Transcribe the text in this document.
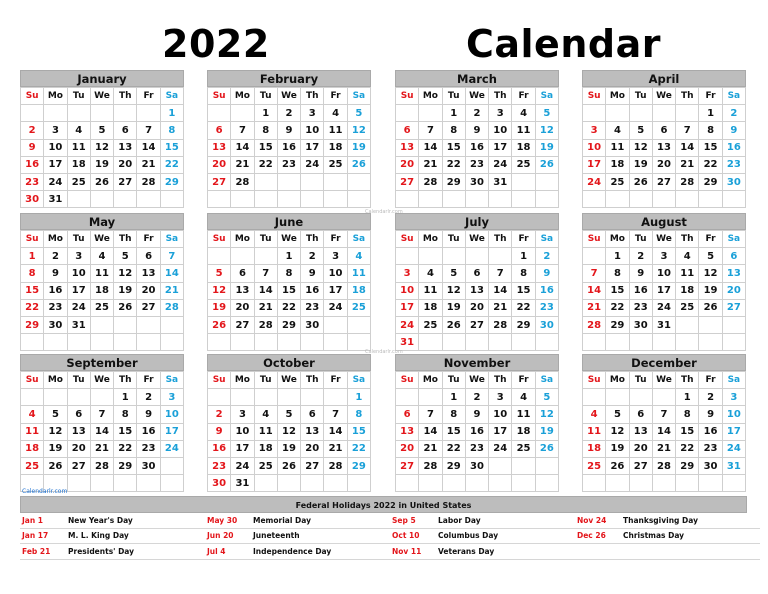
2022	Calendar
January
Su	Mo	Tu	We	Th	Fr	Sa
						1
2	3	4	5	6	7	8
9	10	11	12	13	14	15
16	17	18	19	20	21	22
23	24	25	26	27	28	29
30	31					
February
Su	Mo	Tu	We	Th	Fr	Sa
		1	2	3	4	5
6	7	8	9	10	11	12
13	14	15	16	17	18	19
20	21	22	23	24	25	26
27	28					

March
Su	Mo	Tu	We	Th	Fr	Sa
		1	2	3	4	5
6	7	8	9	10	11	12
13	14	15	16	17	18	19
20	21	22	23	24	25	26
27	28	29	30	31		

April
Su	Mo	Tu	We	Th	Fr	Sa
					1	2
3	4	5	6	7	8	9
10	11	12	13	14	15	16
17	18	19	20	21	22	23
24	25	26	27	28	29	30

May
Su	Mo	Tu	We	Th	Fr	Sa
1	2	3	4	5	6	7
8	9	10	11	12	13	14
15	16	17	18	19	20	21
22	23	24	25	26	27	28
29	30	31				

June
Su	Mo	Tu	We	Th	Fr	Sa
			1	2	3	4
5	6	7	8	9	10	11
12	13	14	15	16	17	18
19	20	21	22	23	24	25
26	27	28	29	30		

July
Su	Mo	Tu	We	Th	Fr	Sa
					1	2
3	4	5	6	7	8	9
10	11	12	13	14	15	16
17	18	19	20	21	22	23
24	25	26	27	28	29	30
31						
August
Su	Mo	Tu	We	Th	Fr	Sa
	1	2	3	4	5	6
7	8	9	10	11	12	13
14	15	16	17	18	19	20
21	22	23	24	25	26	27
28	29	30	31			

September
Su	Mo	Tu	We	Th	Fr	Sa
				1	2	3
4	5	6	7	8	9	10
11	12	13	14	15	16	17
18	19	20	21	22	23	24
25	26	27	28	29	30	

October
Su	Mo	Tu	We	Th	Fr	Sa
						1
2	3	4	5	6	7	8
9	10	11	12	13	14	15
16	17	18	19	20	21	22
23	24	25	26	27	28	29
30	31					
November
Su	Mo	Tu	We	Th	Fr	Sa
		1	2	3	4	5
6	7	8	9	10	11	12
13	14	15	16	17	18	19
20	21	22	23	24	25	26
27	28	29	30			

December
Su	Mo	Tu	We	Th	Fr	Sa
				1	2	3
4	5	6	7	8	9	10
11	12	13	14	15	16	17
18	19	20	21	22	23	24
25	26	27	28	29	30	31

Calendarlr.com
Calendarlr.com
Calendarlr.com
Federal Holidays 2022 in United States
Jan 1	New Year's Day	May 30	Memorial Day	Sep 5	Labor Day	Nov 24	Thanksgiving Day
Jan 17	M. L. King Day	Jun 20	Juneteenth	Oct 10	Columbus Day	Dec 26	Christmas Day
Feb 21	Presidents' Day	Jul 4	Independence Day	Nov 11	Veterans Day		
